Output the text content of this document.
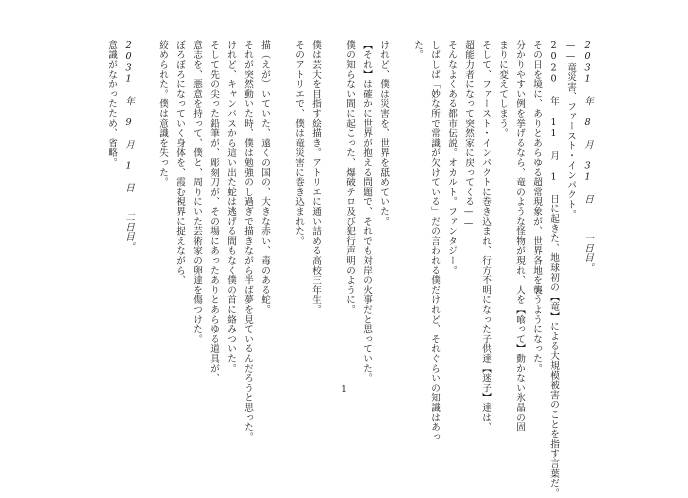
2031 年 8 月 31 日　　　一日目。
——竜災害、ファースト・インパクト。
2020 年 11 月 1 日に起きた、地球初の【竜】による大規模被害のことを指す言葉だ。
その日を境に、ありとあらゆる超常現象が、世界各地を襲うようになった。
分かりやすい例を挙げるなら、竜のような怪物が現れ、人を【喰って】動かない氷晶の固
まりに変えてしまう。
そして、ファースト・インパクトに巻き込まれ、行方不明になった子供達【迷子】達は、
超能力者になって突然家に戻ってくる——
そんなよくある都市伝説。オカルト。ファンタジー。
しばしば「妙な所で常識が欠けている」だの言われる僕だけれど、それぐらいの知識はあっ
た。
けれど、僕は災害を、世界を舐めていた。
【それ】は確かに世界が抱える問題で、それでも対岸の火事だと思っていた。
僕の知らない間に起こった、爆破テロ及び犯行声明のように。
僕は芸大を目指す絵描き。アトリエに通い詰める高校三年生。
そのアトリエで、僕は竜災害に巻き込まれた。
描（えが）いていた、遠くの国の、大きな赤い、毒のある蛇。
それが突然動いた時、僕は勉強のし過ぎで描きながら半ば夢を見ているんだろうと思った。
けれど、キャンバスから這い出た蛇は逃げる間もなく僕の首に絡みついた。
そして先の尖った鉛筆が、彫刻刀が、その場にあったありとあらゆる道具が、
意志を、悪意を持って、僕と、周りにいた芸術家の卵達を傷つけた。
ぼろぼろになっていく身体を、霞む視界に捉えながら、
絞められた。僕は意識を失った。
2031 年 9 月 1 日　　二日目。
意識がなかったため、省略。
1
